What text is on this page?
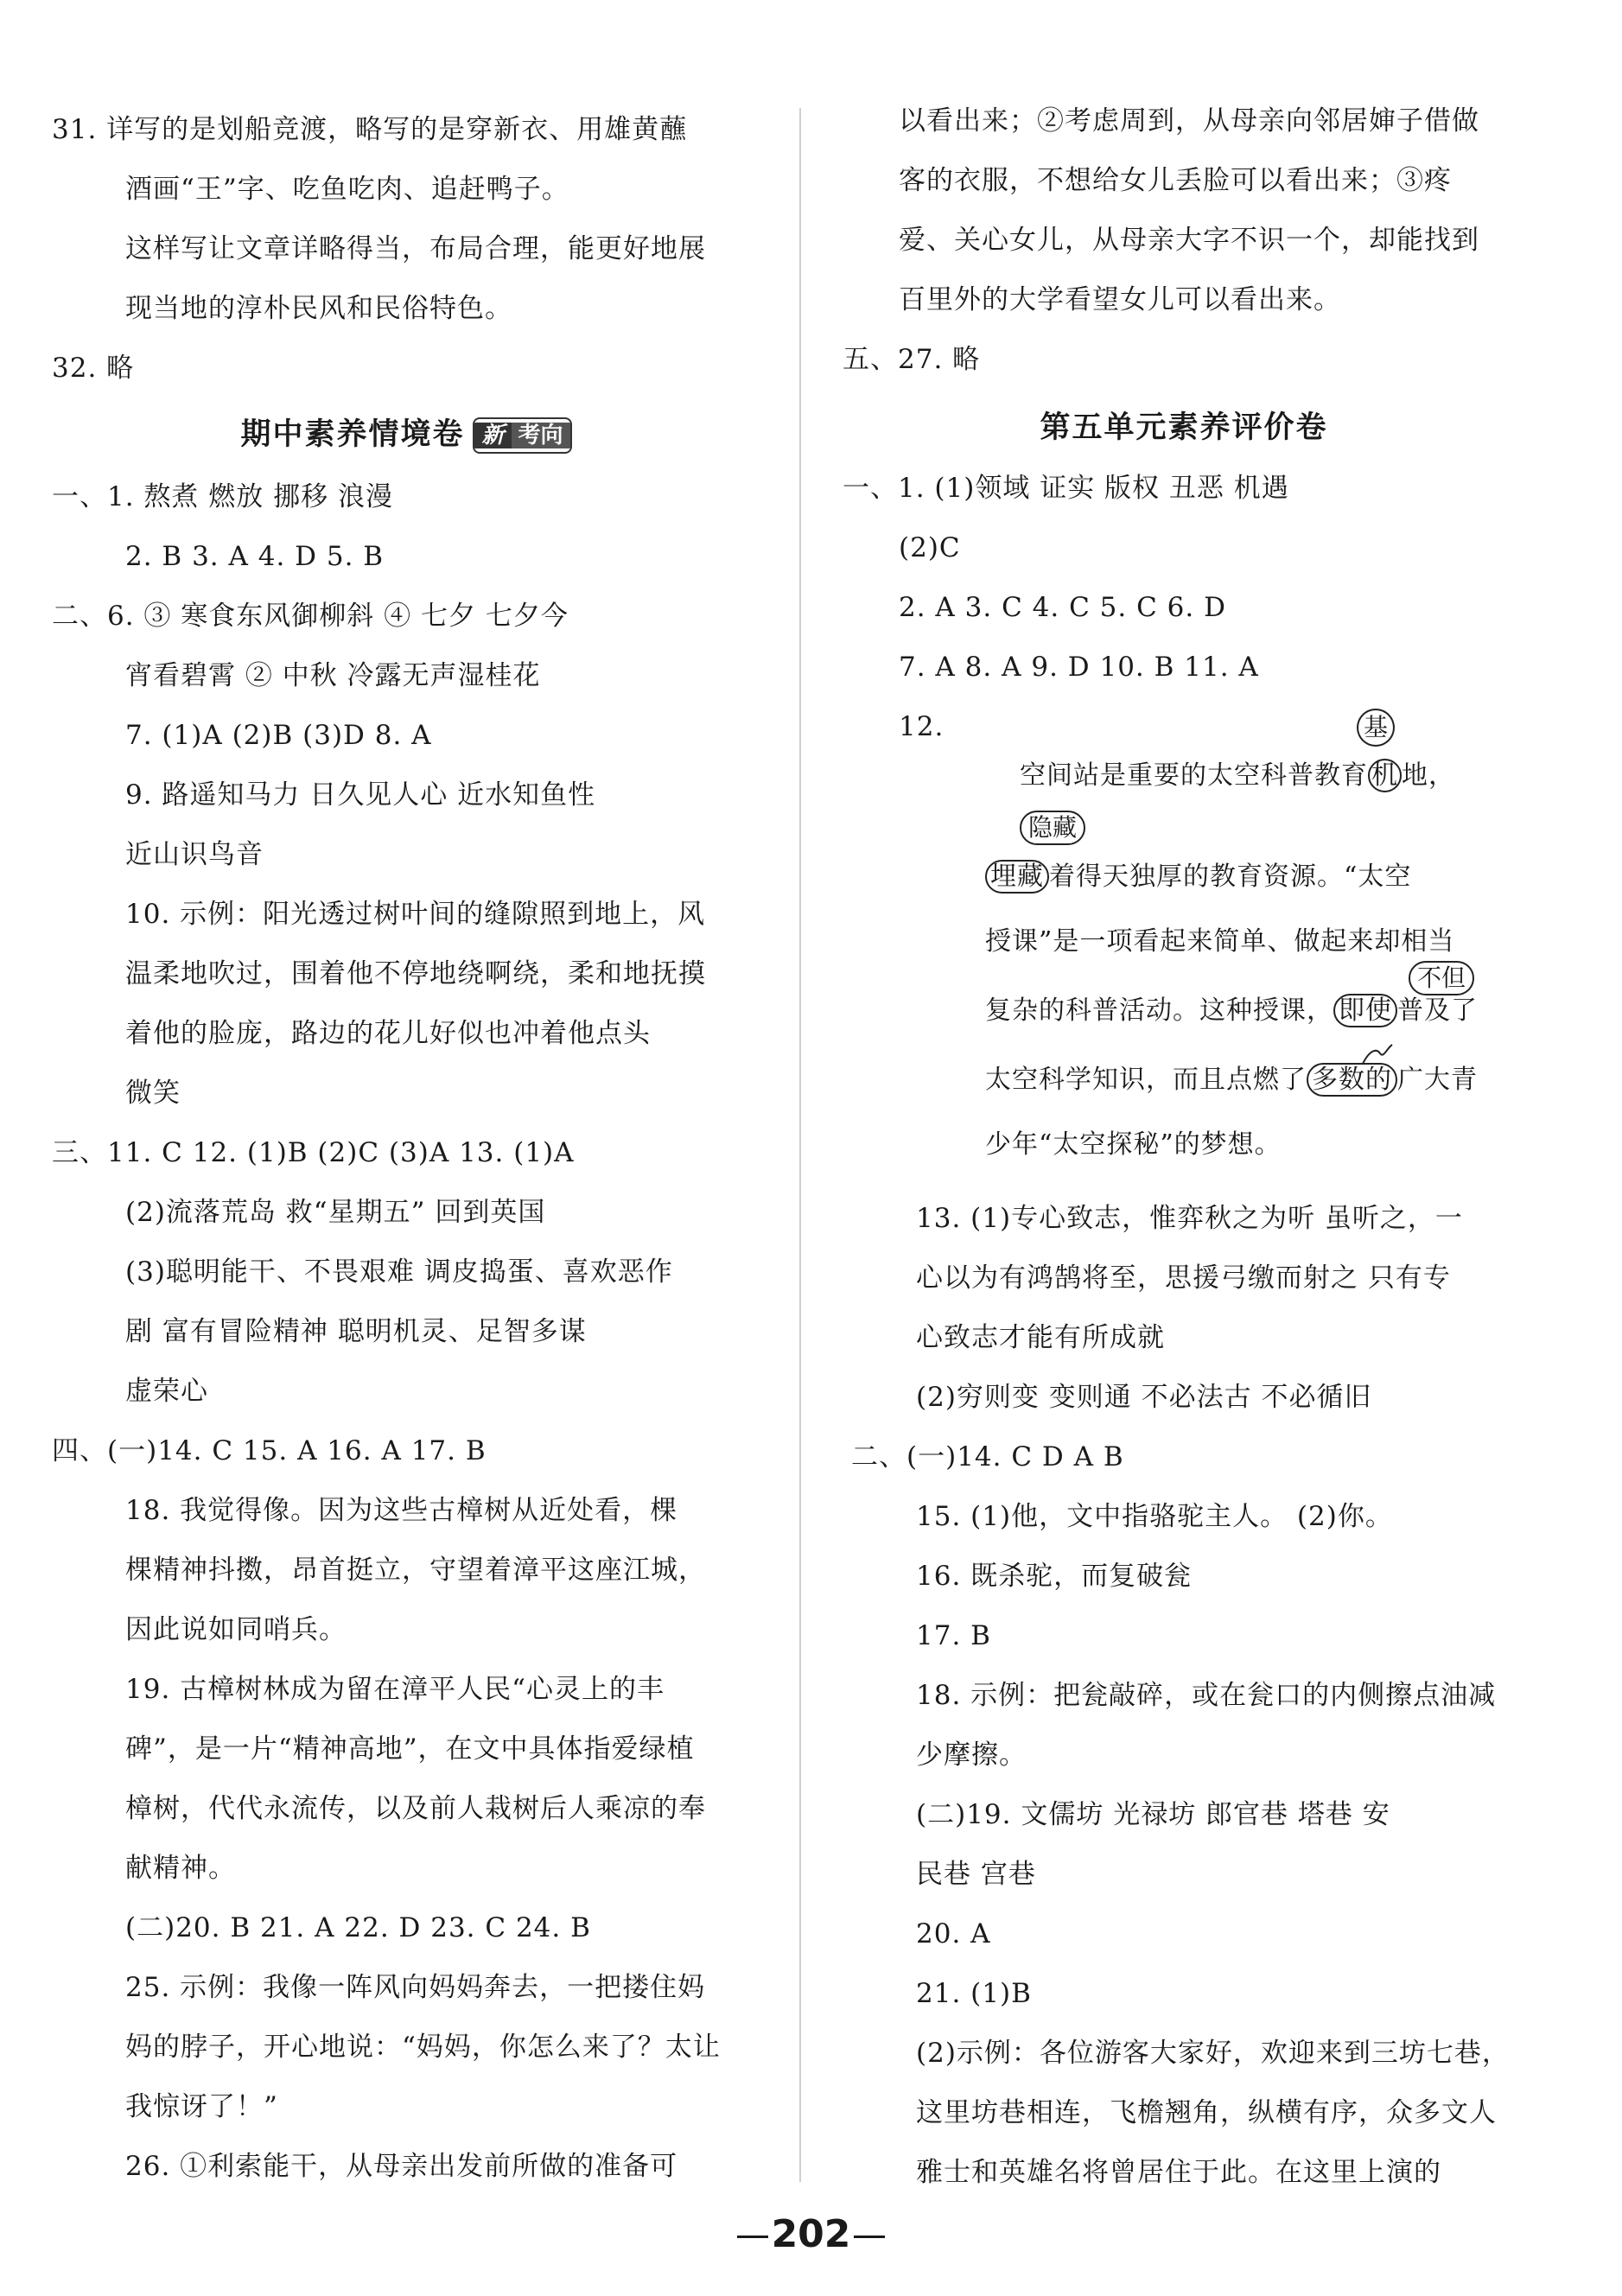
31. 详写的是划船竞渡，略写的是穿新衣、用雄黄蘸
酒画“王”字、吃鱼吃肉、追赶鸭子。
这样写让文章详略得当，布局合理，能更好地展
现当地的淳朴民风和民俗特色。
32. 略
期中素养情境卷 新 考向
一、1. 熬煮 燃放 挪移 浪漫
2. B 3. A 4. D 5. B
二、6. ③ 寒食东风御柳斜 ④ 七夕 七夕今
宵看碧霄 ② 中秋 冷露无声湿桂花
7. (1)A (2)B (3)D 8. A
9. 路遥知马力 日久见人心 近水知鱼性
近山识鸟音
10. 示例：阳光透过树叶间的缝隙照到地上，风
温柔地吹过，围着他不停地绕啊绕，柔和地抚摸
着他的脸庞，路边的花儿好似也冲着他点头
微笑
三、11. C 12. (1)B (2)C (3)A 13. (1)A
(2)流落荒岛 救“星期五” 回到英国
(3)聪明能干、不畏艰难 调皮捣蛋、喜欢恶作
剧 富有冒险精神 聪明机灵、足智多谋
虚荣心
四、(一)14. C 15. A 16. A 17. B
18. 我觉得像。因为这些古樟树从近处看，棵
棵精神抖擞，昂首挺立，守望着漳平这座江城，
因此说如同哨兵。
19. 古樟树林成为留在漳平人民“心灵上的丰
碑”，是一片“精神高地”，在文中具体指爱绿植
樟树，代代永流传，以及前人栽树后人乘凉的奉
献精神。
(二)20. B 21. A 22. D 23. C 24. B
25. 示例：我像一阵风向妈妈奔去，一把搂住妈
妈的脖子，开心地说：“妈妈，你怎么来了？太让
我惊讶了！”
26. ①利索能干，从母亲出发前所做的准备可
以看出来；②考虑周到，从母亲向邻居婶子借做
客的衣服，不想给女儿丢脸可以看出来；③疼
爱、关心女儿，从母亲大字不识一个，却能找到
百里外的大学看望女儿可以看出来。
五、27. 略
第五单元素养评价卷
一、1. (1)领域 证实 版权 丑恶 机遇
(2)C
2. A 3. C 4. C 5. C 6. D
7. A 8. A 9. D 10. B 11. A
12.
13. (1)专心致志，惟弈秋之为听 虽听之，一
心以为有鸿鹄将至，思援弓缴而射之 只有专
心致志才能有所成就
(2)穷则变 变则通 不必法古 不必循旧
二、(一)14. C D A B
15. (1)他，文中指骆驼主人。 (2)你。
16. 既杀驼，而复破瓮
17. B
18. 示例：把瓮敲碎，或在瓮口的内侧擦点油减
少摩擦。
(二)19. 文儒坊 光禄坊 郎官巷 塔巷 安
民巷 宫巷
20. A
21. (1)B
(2)示例：各位游客大家好，欢迎来到三坊七巷，
这里坊巷相连，飞檐翘角，纵横有序，众多文人
雅士和英雄名将曾居住于此。在这里上演的
基
空间站是重要的太空科普教育 机 地，
隐藏
埋藏 着得天独厚的教育资源。“太空
授课”是一项看起来简单、做起来却相当
不但
复杂的科普活动。这种授课， 即使 普及了
太空科学知识，而且点燃了 多数的 广大青
少年“太空探秘”的梦想。
202
